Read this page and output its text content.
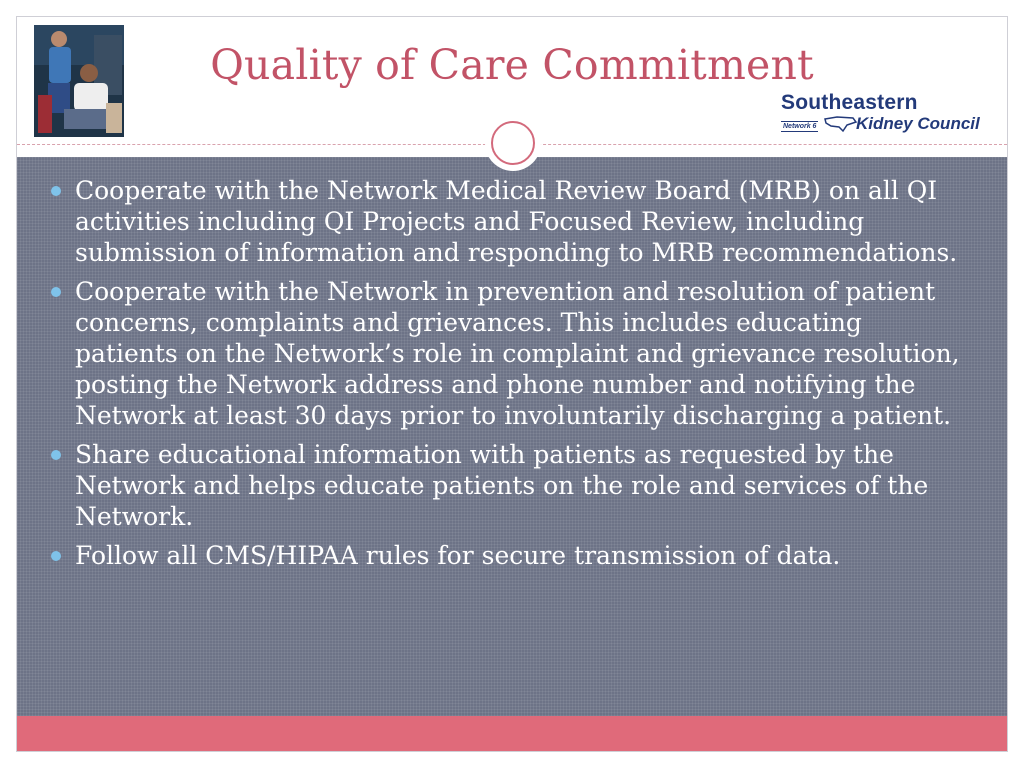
Quality of Care Commitment
Southeastern
Network 6 Kidney Council
Cooperate with the Network Medical Review Board (MRB) on all QI activities including QI Projects and Focused Review, including submission of information and responding to MRB recommendations.
Cooperate with the Network in prevention and resolution of patient concerns, complaints and grievances. This includes educating patients on the Network’s role in complaint and grievance resolution, posting the Network address and phone number and notifying the Network at least 30 days prior to involuntarily discharging a patient.
Share educational information with patients as requested by the Network and helps educate patients on the role and services of the Network.
Follow all CMS/HIPAA rules for secure transmission of data.
